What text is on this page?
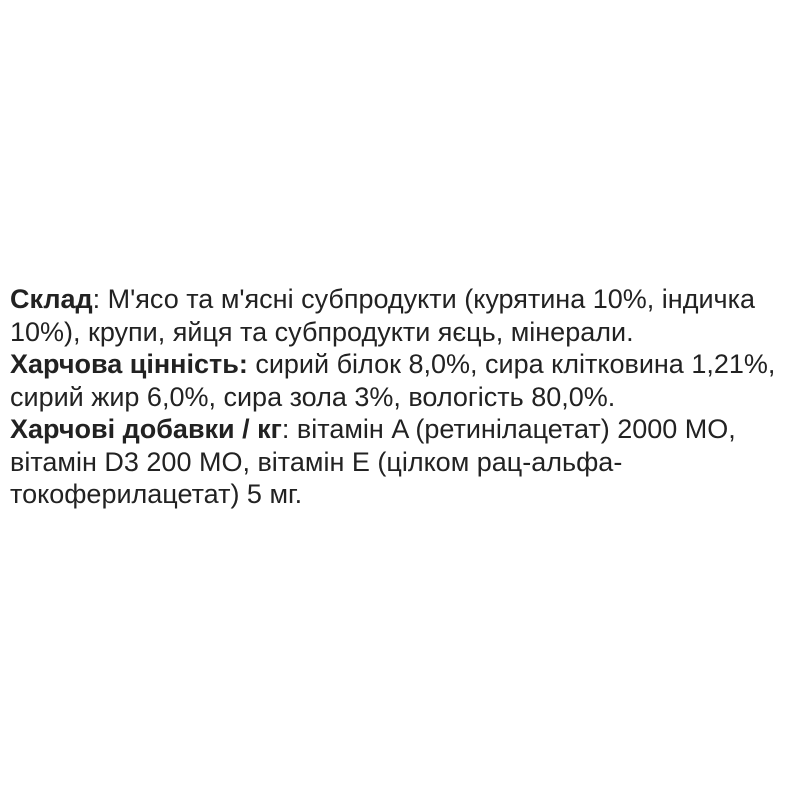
Склад: М'ясо та м'ясні субпродукти (курятина 10%, індичка 10%), крупи, яйця та субпродукти яєць, мінерали.

Харчова цінність: сирий білок 8,0%, сира клітковина 1,21%, сирий жир 6,0%, сира зола 3%, вологість 80,0%.

Харчові добавки / кг: вітамін A (ретинілацетат) 2000 МО, вітамін D3 200 МО, вітамін E (цілком рац-альфа-токоферилацетат) 5 мг.
